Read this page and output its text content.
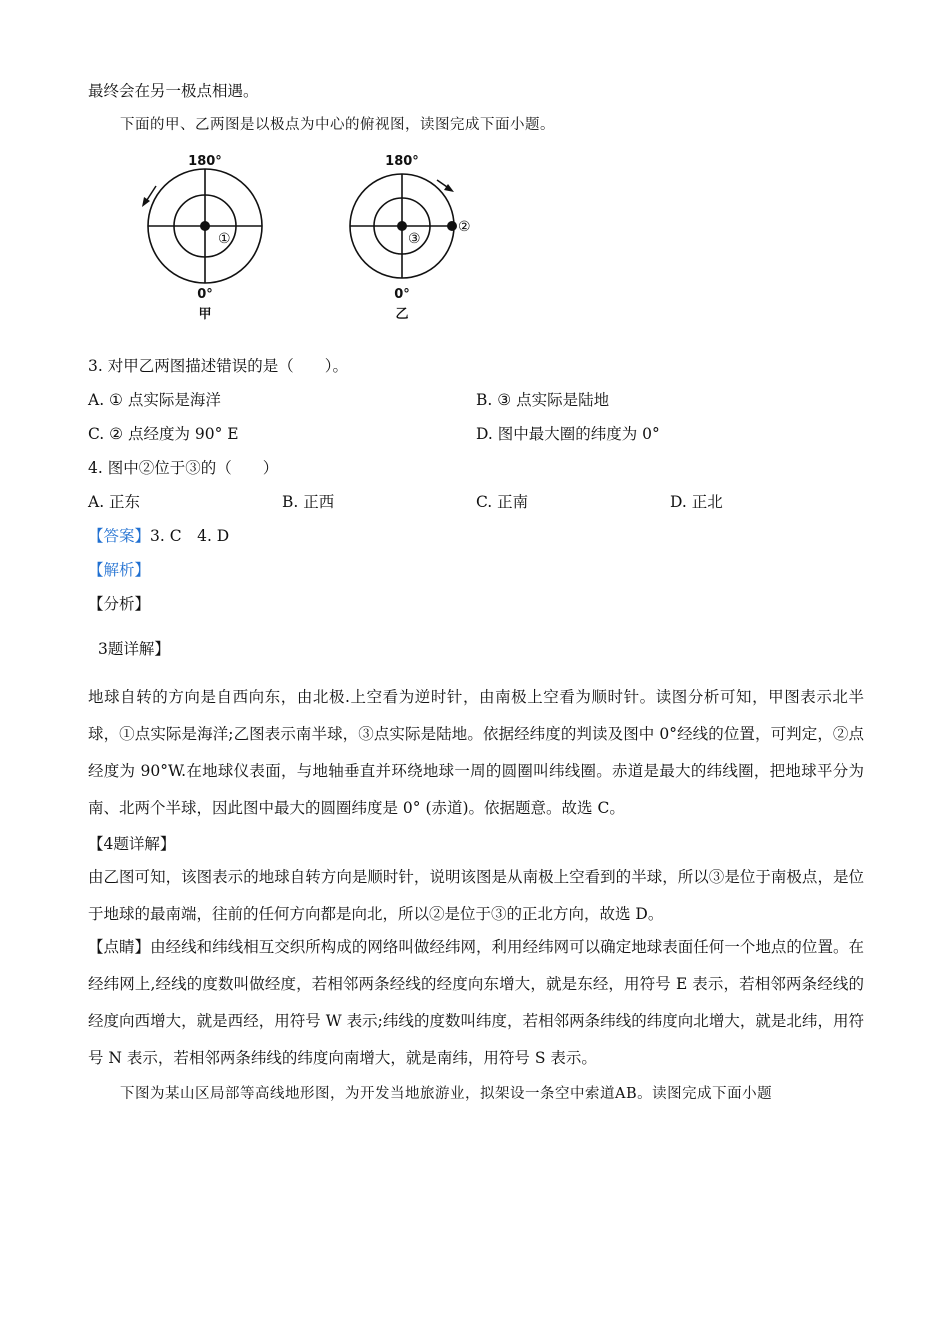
最终会在另一极点相遇。
下面的甲、乙两图是以极点为中心的俯视图，读图完成下面小题。
180°
①
0°
甲
180°
③
②
0°
乙
3. 对甲乙两图描述错误的是（　　）。
A. ① 点实际是海洋	B. ③ 点实际是陆地
C. ② 点经度为 90° E	D. 图中最大圈的纬度为 0°
4. 图中②位于③的（　　）
A. 正东	B. 正西	C. 正南	D. 正北
【答案】3. C　4. D
【解析】
【分析】
3题详解】
地球自转的方向是自西向东，由北极.上空看为逆时针，由南极上空看为顺时针。读图分析可知，甲图表示北半球，①点实际是海洋;乙图表示南半球，③点实际是陆地。依据经纬度的判读及图中 0°经线的位置，可判定，②点经度为 90°W.在地球仪表面，与地轴垂直并环绕地球一周的圆圈叫纬线圈。赤道是最大的纬线圈，把地球平分为南、北两个半球，因此图中最大的圆圈纬度是 0° (赤道)。依据题意。故选 C。
【4题详解】
由乙图可知，该图表示的地球自转方向是顺时针，说明该图是从南极上空看到的半球，所以③是位于南极点，是位于地球的最南端，往前的任何方向都是向北，所以②是位于③的正北方向，故选 D。
【点睛】由经线和纬线相互交织所构成的网络叫做经纬网，利用经纬网可以确定地球表面任何一个地点的位置。在经纬网上,经线的度数叫做经度，若相邻两条经线的经度向东增大，就是东经，用符号 E 表示，若相邻两条经线的经度向西增大，就是西经，用符号 W 表示;纬线的度数叫纬度，若相邻两条纬线的纬度向北增大，就是北纬，用符号 N 表示，若相邻两条纬线的纬度向南增大，就是南纬，用符号 S 表示。
下图为某山区局部等高线地形图，为开发当地旅游业，拟架设一条空中索道AB。读图完成下面小题
